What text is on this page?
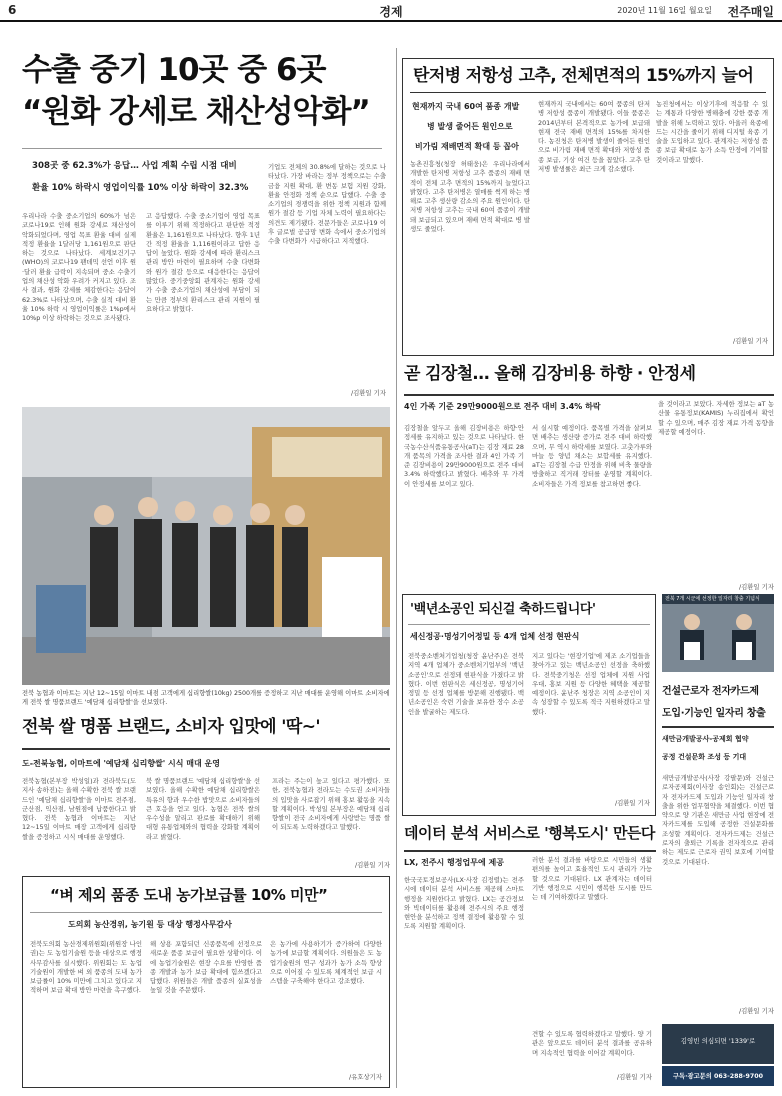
6	경제	2020년 11월 16일 월요일 전주매일
수출 중기 10곳 중 6곳
“원화 강세로 채산성악화”
308곳 중 62.3%가 응답… 사업 계획 수립 시점 대비
환율 10% 하락시 영업이익률 10% 이상 하락이 32.3%
우리나라 수출 중소기업의 60%가 넘은 코로나19로 인해 원화 강세로 채산성이 악화되었다며, 영업 목표 환율 대비 실제 적정 환율을 1달러당 1,161원으로 판단하는 것으로 나타났다. 세계보건기구(WHO)의 코로나19 팬데믹 선언 이후 원·달러 환율 급락이 지속되며 중소 수출기업의 채산성 악화 우려가 커지고 있다. 조사 결과, 원화 강세를 체감한다는 응답이 62.3%로 나타났으며, 수출 실적 대비 환율 10% 하락 시 영업이익률은 1%p에서 10%p 이상 하락하는 것으로 조사됐다.
고 응답했다. 수출 중소기업이 영업 목표를 이루기 위해 적정하다고 판단한 적정 환율은 1,161원으로 나타났다. 향후 1년간 적정 환율을 1,116원이라고 답한 응답이 높았다. 원화 강세에 따라 환리스크 관리 방안 마련이 필요하며 수출 다변화와 원가 절감 등으로 대응한다는 응답이 많았다. 중기중앙회 관계자는 원화 강세가 수출 중소기업의 채산성에 부담이 되는 만큼 정부의 환리스크 관리 지원이 필요하다고 밝혔다.
기업도 전체의 30.8%에 달하는 것으로 나타났다. 가장 바라는 정부 정책으로는 수출 금융 지원 확대, 환 변동 보험 지원 강화, 환율 안정화 정책 순으로 답했다. 수출 중소기업의 경쟁력을 위한 정책 지원과 함께 원가 절감 등 기업 자체 노력이 필요하다는 의견도 제기됐다. 전문가들은 코로나19 이후 글로벌 공급망 변화 속에서 중소기업의 수출 다변화가 시급하다고 지적했다.
/김환일 기자
탄저병 저항성 고추, 전체면적의 15%까지 늘어
현재까지 국내 60여 품종 개발
병 발생 줄어든 원인으로
비가림 재배면적 확대 등 꼽아
농촌진흥청(청장 허태웅)은 우리나라에서 개발한 탄저병 저항성 고추 품종의 재배 면적이 전체 고추 면적의 15%까지 늘었다고 밝혔다. 고추 탄저병은 열매를 썩게 하는 병해로 고추 생산량 감소의 주요 원인이다. 탄저병 저항성 고추는 국내 60여 품종이 개발돼 보급되고 있으며 재배 면적 확대로 병 발생도 줄었다.
현재까지 국내에서는 60여 품종의 탄저병 저항성 품종이 개발됐다. 이들 품종은 2014년부터 본격적으로 농가에 보급돼 현재 전국 재배 면적의 15%를 차지한다. 농진청은 탄저병 발생이 줄어든 원인으로 비가림 재배 면적 확대와 저항성 품종 보급, 기상 여건 등을 꼽았다. 고추 탄저병 발생률은 최근 크게 감소했다.
농진청에서는 이상기후에 적응할 수 있는 계통과 다양한 병해충에 강한 품종 개발을 위해 노력하고 있다. 아울러 육종에 드는 시간을 줄이기 위해 디지털 육종 기술을 도입하고 있다. 관계자는 저항성 품종 보급 확대로 농가 소득 안정에 기여할 것이라고 말했다.
/김환일 기자
곧 김장철… 올해 김장비용 하향 · 안정세
4인 가족 기준 29만9000원으로 전주 대비 3.4% 하락
김장철을 앞두고 올해 김장비용은 하향·안정세를 유지하고 있는 것으로 나타났다. 한국농수산식품유통공사(aT)는 김장 재료 28개 품목의 가격을 조사한 결과 4인 가족 기준 김장비용이 29만9000원으로 전주 대비 3.4% 하락했다고 밝혔다. 배추와 무 가격이 안정세를 보이고 있다.
서 실시할 예정이다. 품목별 가격을 살펴보면 배추는 생산량 증가로 전주 대비 하락했으며, 무 역시 하락세를 보였다. 고춧가루와 마늘 등 양념 채소는 보합세를 유지했다. aT는 김장철 수급 안정을 위해 비축 물량을 방출하고 직거래 장터를 운영할 계획이다. 소비자들은 가격 정보를 참고하면 좋다.
을 것이라고 보았다. 자세한 정보는 aT 농산물 유통정보(KAMIS) 누리집에서 확인할 수 있으며, 매주 김장 재료 가격 동향을 제공할 예정이다.
/김환일 기자
전북 농협과 이마트는 지난 12~15일 이마트 내점 고객에게 십리향쌀(10kg) 2500개를 증정하고 지난 매대를 운영해 이마트 소비자에게 전북 쌀 명품브랜드 '예담채 십리향쌀'을 선보였다.
전북 쌀 명품 브랜드, 소비자 입맛에 '딱~'
도-전북농협, 이마트에 '예담채 십리향쌀' 시식 매대 운영
전북농협(본부장 박성일)과 전라북도(도지사 송하진)는 올해 수확한 전북 쌀 브랜드인 '예담채 십리향쌀'을 이마트 전주점, 군산점, 익산점, 남원점에 납품한다고 밝혔다. 전북 농협과 이마트는 지난 12~15일 이마트 매장 고객에게 십리향쌀을 증정하고 시식 매대를 운영했다.
북 쌀 명품브랜드 '예담채 십리향쌀'을 선보였다. 올해 수확한 예담채 십리향쌀은 특유의 향과 우수한 밥맛으로 소비자들의 큰 호응을 얻고 있다. 농협은 전북 쌀의 우수성을 알리고 판로를 확대하기 위해 대형 유통업체와의 협력을 강화할 계획이라고 밝혔다.
프라는 주는이 높고 있다고 평가했다. 또한, 전북농협과 전라도는 수도권 소비자들의 입맛을 사로잡기 위해 홍보 활동을 지속할 계획이다. 박성일 본부장은 예담채 십리향쌀이 전국 소비자에게 사랑받는 명품 쌀이 되도록 노력하겠다고 말했다.
/김환일 기자
“벼 제외 품종 도내 농가보급률 10% 미만”
도의회 농산경위, 농기원 등 대상 행정사무감사
전북도의회 농산경제위원회(위원장 나인권)는 도 농업기술원 등을 대상으로 행정사무감사를 실시했다. 위원회는 도 농업기술원이 개발한 벼 외 품종의 도내 농가 보급률이 10% 미만에 그치고 있다고 지적하며 보급 확대 방안 마련을 촉구했다.
해 상용 포함되던 신종품목에 선정으로 새로운 품종 보급이 필요한 상황이다. 이에 농업기술원은 현장 수요를 반영한 품종 개발과 농가 보급 확대에 힘쓰겠다고 답했다. 위원들은 개발 품종의 실효성을 높일 것을 주문했다.
은 농가에 사용하기가 증가하여 다양한 농가에 보급할 계획이다. 의원들은 도 농업기술원의 연구 성과가 농가 소득 향상으로 이어질 수 있도록 체계적인 보급 시스템을 구축해야 한다고 강조했다.
/유호상기자
'백년소공인 되신걸 축하드립니다'
세신정공·명성기어정밀 등 4개 업체 선정 현판식
전북중소벤처기업청(청장 윤난주)은 전북지역 4개 업체가 중소벤처기업부의 '백년 소공인'으로 선정돼 현판식을 가졌다고 밝혔다. 이번 현판식은 세신정공, 명성기어정밀 등 선정 업체를 방문해 진행됐다. 백년소공인은 숙련 기술을 보유한 장수 소공인을 발굴하는 제도다.
지고 있다는 '현장기업'에 제조 소기업들을 찾아가고 있는 백년소공인 선정을 축하했다. 전북중기청은 선정 업체에 지원 사업 우대, 홍보 지원 등 다양한 혜택을 제공할 예정이다. 윤난주 청장은 지역 소공인이 지속 성장할 수 있도록 적극 지원하겠다고 말했다.
/김환일 기자
데이터 분석 서비스로 '행복도시' 만든다
LX, 전주시 행정업무에 제공
한국국토정보공사(LX·사장 김정렬)는 전주시에 데이터 분석 서비스를 제공해 스마트 행정을 지원한다고 밝혔다. LX는 공간정보와 빅데이터를 활용해 전주시의 주요 행정 현안을 분석하고 정책 결정에 활용할 수 있도록 지원할 계획이다.
러한 분석 결과를 바탕으로 시민들의 생활 편의를 높이고 효율적인 도시 관리가 가능할 것으로 기대된다. LX 관계자는 데이터 기반 행정으로 시민이 행복한 도시를 만드는 데 기여하겠다고 말했다.
견할 수 있도록 협력하겠다고 말했다. 양 기관은 앞으로도 데이터 분석 결과를 공유하며 지속적인 협력을 이어갈 계획이다.
/김환일 기자
전북 7개 시군에 선정한 일자리 창출 기념식
건설근로자 전자카드제
도입·기능인 일자리 창출
새만금개발공사-공제회 협약
공정 건설문화 조성 등 기대
새만금개발공사(사장 강팔문)와 건설근로자공제회(이사장 송인회)는 건설근로자 전자카드제 도입과 기능인 일자리 창출을 위한 업무협약을 체결했다. 이번 협약으로 양 기관은 새만금 사업 현장에 전자카드제를 도입해 공정한 건설문화를 조성할 계획이다. 전자카드제는 건설근로자의 출퇴근 기록을 전자적으로 관리하는 제도로 근로자 권익 보호에 기여할 것으로 기대된다.
/김환일 기자
김영빈 의심되면 '1339'로
구독·광고문의 063-288-9700
